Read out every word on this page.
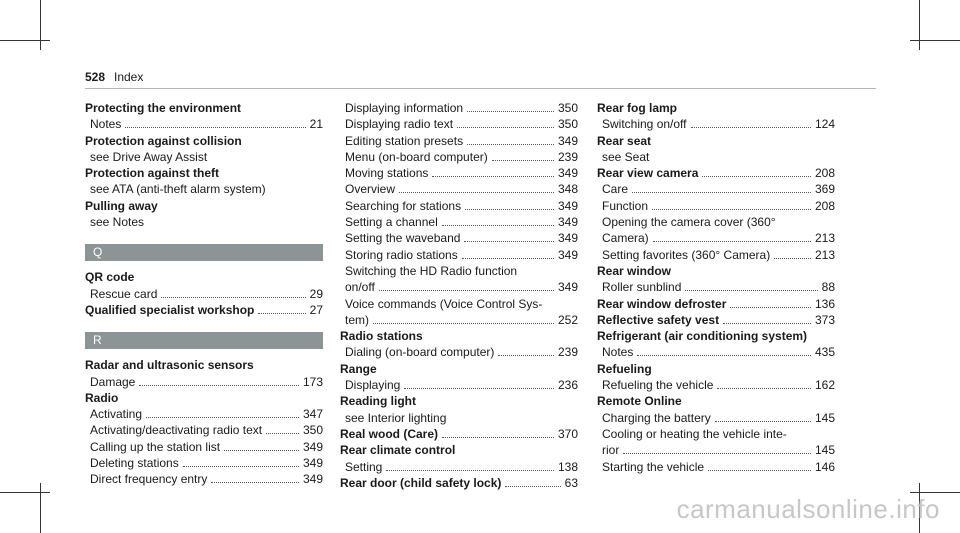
528 Index
Protecting the environment
Notes	21
Protection against collision
see Drive Away Assist
Protection against theft
see ATA (anti-theft alarm system)
Pulling away
see Notes
Q
QR code
Rescue card	29
Qualified specialist workshop	27
R
Radar and ultrasonic sensors
Damage	173
Radio
Activating	347
Activating/deactivating radio text	350
Calling up the station list	349
Deleting stations	349
Direct frequency entry	349
Displaying information	350
Displaying radio text	350
Editing station presets	349
Menu (on-board computer)	239
Moving stations	349
Overview	348
Searching for stations	349
Setting a channel	349
Setting the waveband	349
Storing radio stations	349
Switching the HD Radio function
on/off	349
Voice commands (Voice Control Sys-
tem)	252
Radio stations
Dialing (on-board computer)	239
Range
Displaying	236
Reading light
see Interior lighting
Real wood (Care)	370
Rear climate control
Setting	138
Rear door (child safety lock)	63
Rear fog lamp
Switching on/off	124
Rear seat
see Seat
Rear view camera	208
Care	369
Function	208
Opening the camera cover (360°
Camera)	213
Setting favorites (360° Camera)	213
Rear window
Roller sunblind	88
Rear window defroster	136
Reflective safety vest	373
Refrigerant (air conditioning system)
Notes	435
Refueling
Refueling the vehicle	162
Remote Online
Charging the battery	145
Cooling or heating the vehicle inte-
rior	145
Starting the vehicle	146
carmanualsonline.info
